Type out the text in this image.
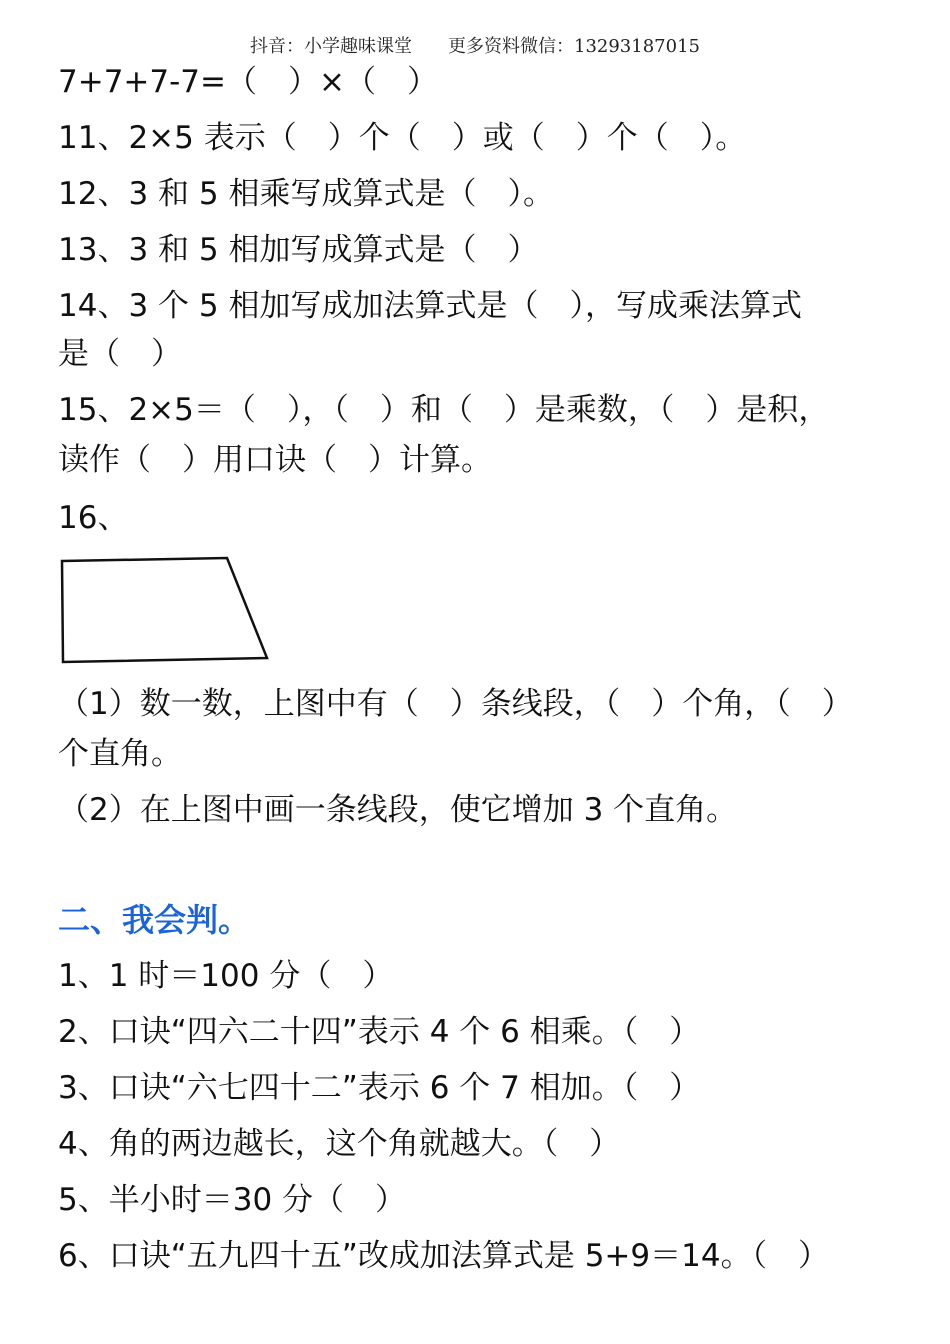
抖音：小学趣味课堂　　更多资料微信：13293187015
7+7+7-7=（　）×（　）
11、2×5 表示（　）个（　）或（　）个（　）。
12、3 和 5 相乘写成算式是（　）。
13、3 和 5 相加写成算式是（　）
14、3 个 5 相加写成加法算式是（　），写成乘法算式
是（　）
15、2×5＝（　），（　）和（　）是乘数，（　）是积，
读作（　）用口诀（　）计算。
16、
（1）数一数，上图中有（　）条线段，（　）个角，（　）
个直角。
（2）在上图中画一条线段，使它增加 3 个直角。
二、我会判。
1、1 时＝100 分（　）
2、口诀“四六二十四”表示 4 个 6 相乘。（　）
3、口诀“六七四十二”表示 6 个 7 相加。（　）
4、角的两边越长，这个角就越大。（　）
5、半小时＝30 分（　）
6、口诀“五九四十五”改成加法算式是 5+9＝14。（　）
